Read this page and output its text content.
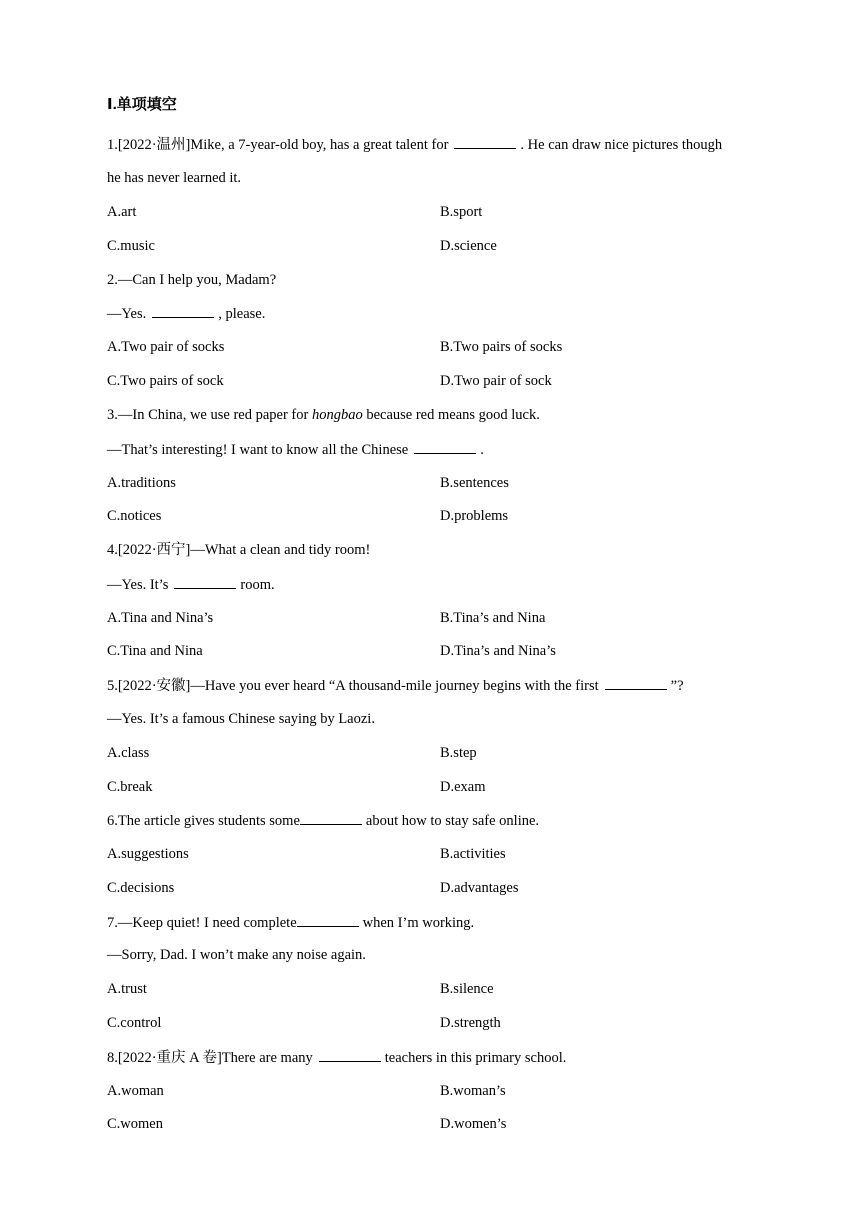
Ⅰ.单项填空
1.[2022·温州]Mike, a 7-year-old boy, has a great talent for	. He can draw nice pictures though
he has never learned it.
A.art	B.sport
C.music	D.science
2.—Can I help you, Madam?
—Yes.	, please.
A.Two pair of socks	B.Two pairs of socks
C.Two pairs of sock	D.Two pair of sock
3.—In China, we use red paper for hongbao because red means good luck.
—That’s interesting! I want to know all the Chinese	.
A.traditions	B.sentences
C.notices	D.problems
4.[2022·西宁]—What a clean and tidy room!
—Yes. It’s	room.
A.Tina and Nina’s	B.Tina’s and Nina
C.Tina and Nina	D.Tina’s and Nina’s
5.[2022·安徽]—Have you ever heard “A thousand-mile journey begins with the first	”?
—Yes. It’s a famous Chinese saying by Laozi.
A.class	B.step
C.break	D.exam
6.The article gives students some	about how to stay safe online.
A.suggestions	B.activities
C.decisions	D.advantages
7.—Keep quiet! I need complete	when I’m working.
—Sorry, Dad. I won’t make any noise again.
A.trust	B.silence
C.control	D.strength
8.[2022·重庆 A 卷]There are many	teachers in this primary school.
A.woman	B.woman’s
C.women	D.women’s
